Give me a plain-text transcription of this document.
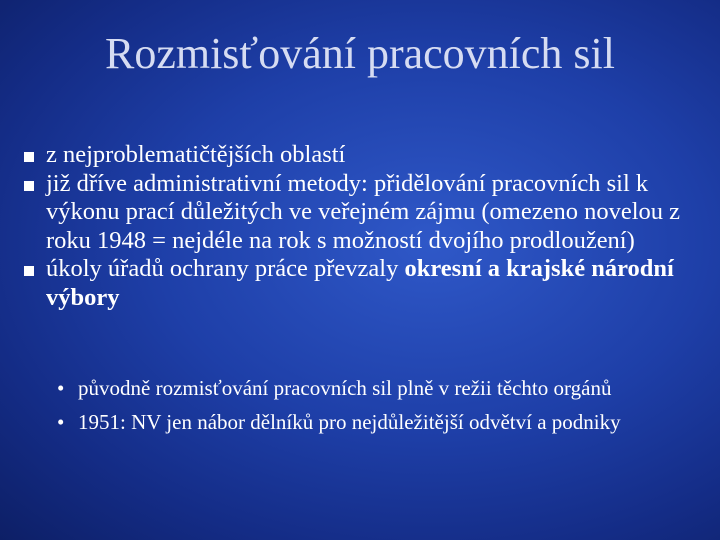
Rozmisťování pracovních sil
z nejproblematičtějších oblastí
již dříve administrativní metody: přidělování pracovních sil k výkonu prací důležitých ve veřejném zájmu (omezeno novelou z roku 1948 = nejdéle na rok s možností dvojího prodloužení)
úkoly úřadů ochrany práce převzaly okresní a krajské národní výbory
• původně rozmisťování pracovních sil plně v režii těchto orgánů
• 1951: NV jen nábor dělníků pro nejdůležitější odvětví a podniky
